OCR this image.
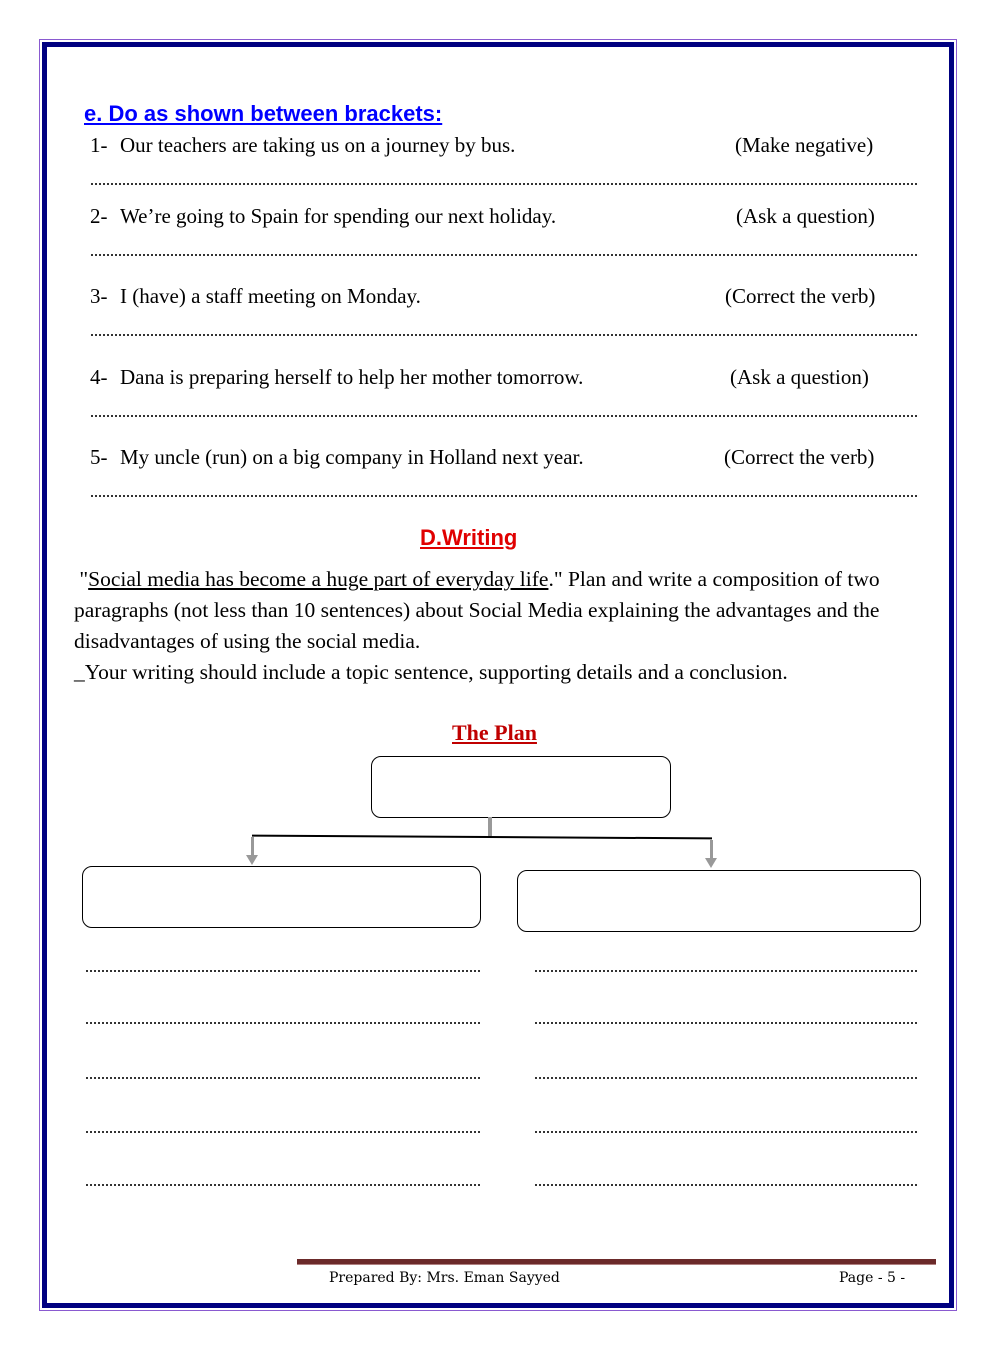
e. Do as shown between brackets:
1- Our teachers are taking us on a journey by bus.	(Make negative)
2- We’re going to Spain for spending our next holiday.	(Ask a question)
3- I (have) a staff meeting on Monday.	(Correct the verb)
4- Dana is preparing herself to help her mother tomorrow.	(Ask a question)
5- My uncle (run) on a big company in Holland next year.	(Correct the verb)
D.Writing
"Social media has become a huge part of everyday life." Plan and write a composition of two paragraphs (not less than 10 sentences) about Social Media explaining the advantages and the disadvantages of using the social media.
_Your writing should include a topic sentence, supporting details and a conclusion.
The Plan
Prepared By: Mrs. Eman Sayyed	Page - 5 -
